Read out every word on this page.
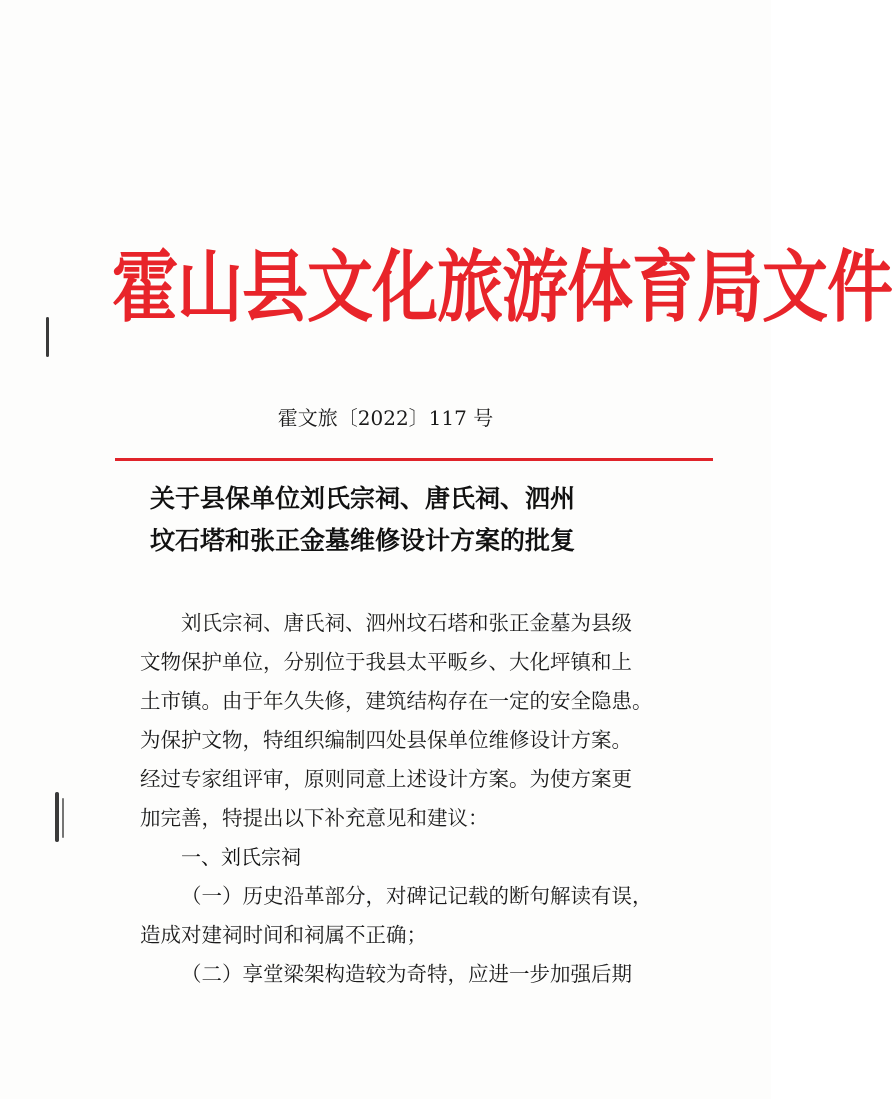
霍山县文化旅游体育局文件
霍文旅〔2022〕117 号
关于县保单位刘氏宗祠、唐氏祠、泗州
坟石塔和张正金墓维修设计方案的批复

刘氏宗祠、唐氏祠、泗州坟石塔和张正金墓为县级

文物保护单位，分别位于我县太平畈乡、大化坪镇和上

土市镇。由于年久失修，建筑结构存在一定的安全隐患。

为保护文物，特组织编制四处县保单位维修设计方案。

经过专家组评审，原则同意上述设计方案。为使方案更

加完善，特提出以下补充意见和建议：

一、刘氏宗祠

（一）历史沿革部分，对碑记记载的断句解读有误，

造成对建祠时间和祠属不正确；

（二）享堂梁架构造较为奇特，应进一步加强后期
